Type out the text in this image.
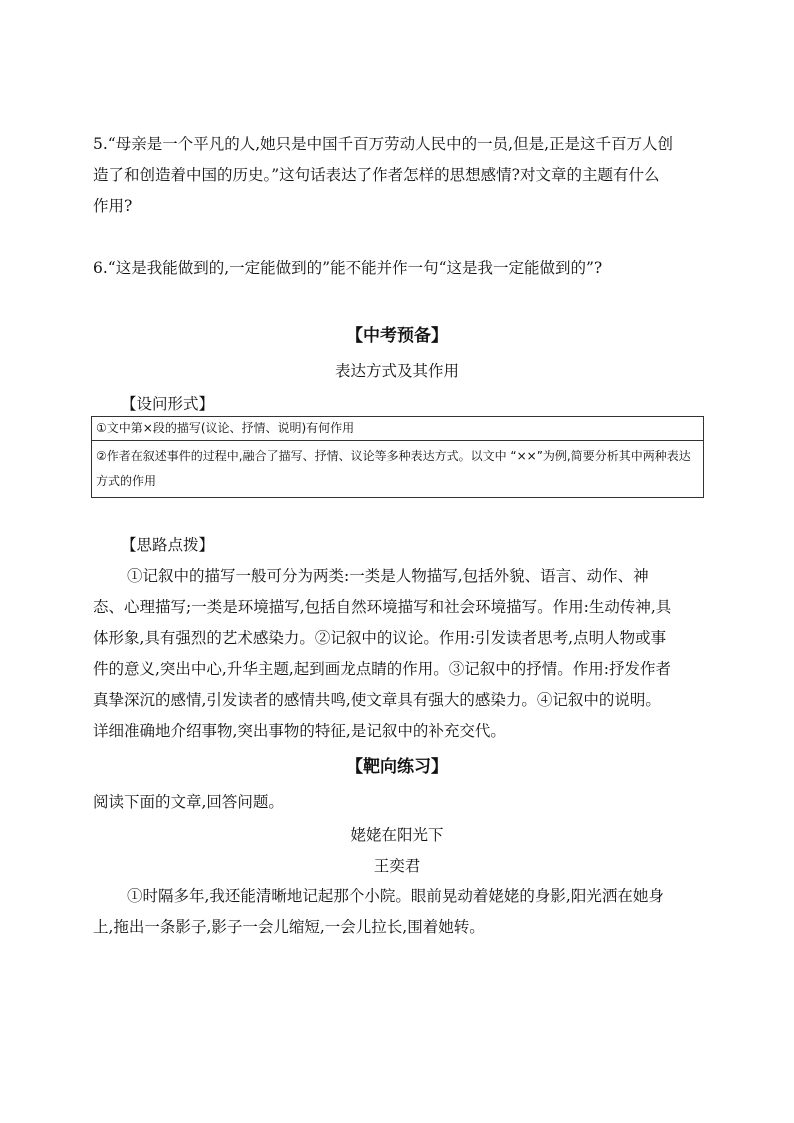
5.“母亲是一个平凡的人,她只是中国千百万劳动人民中的一员,但是,正是这千百万人创
造了和创造着中国的历史。”这句话表达了作者怎样的思想感情?对文章的主题有什么
作用?
6.“这是我能做到的,一定能做到的”能不能并作一句“这是我一定能做到的”?
【中考预备】
表达方式及其作用
【设问形式】
①文中第×段的描写(议论、抒情、说明)有何作用
②作者在叙述事件的过程中,融合了描写、抒情、议论等多种表达方式。以文中 “××”为例,简要分析其中两种表达方式的作用
【思路点拨】
①记叙中的描写一般可分为两类:一类是人物描写,包括外貌、语言、动作、神
态、心理描写;一类是环境描写,包括自然环境描写和社会环境描写。作用:生动传神,具
体形象,具有强烈的艺术感染力。②记叙中的议论。作用:引发读者思考,点明人物或事
件的意义,突出中心,升华主题,起到画龙点睛的作用。③记叙中的抒情。作用:抒发作者
真挚深沉的感情,引发读者的感情共鸣,使文章具有强大的感染力。④记叙中的说明。
详细准确地介绍事物,突出事物的特征,是记叙中的补充交代。
【靶向练习】
阅读下面的文章,回答问题。
姥姥在阳光下
王奕君
①时隔多年,我还能清晰地记起那个小院。眼前晃动着姥姥的身影,阳光洒在她身
上,拖出一条影子,影子一会儿缩短,一会儿拉长,围着她转。
